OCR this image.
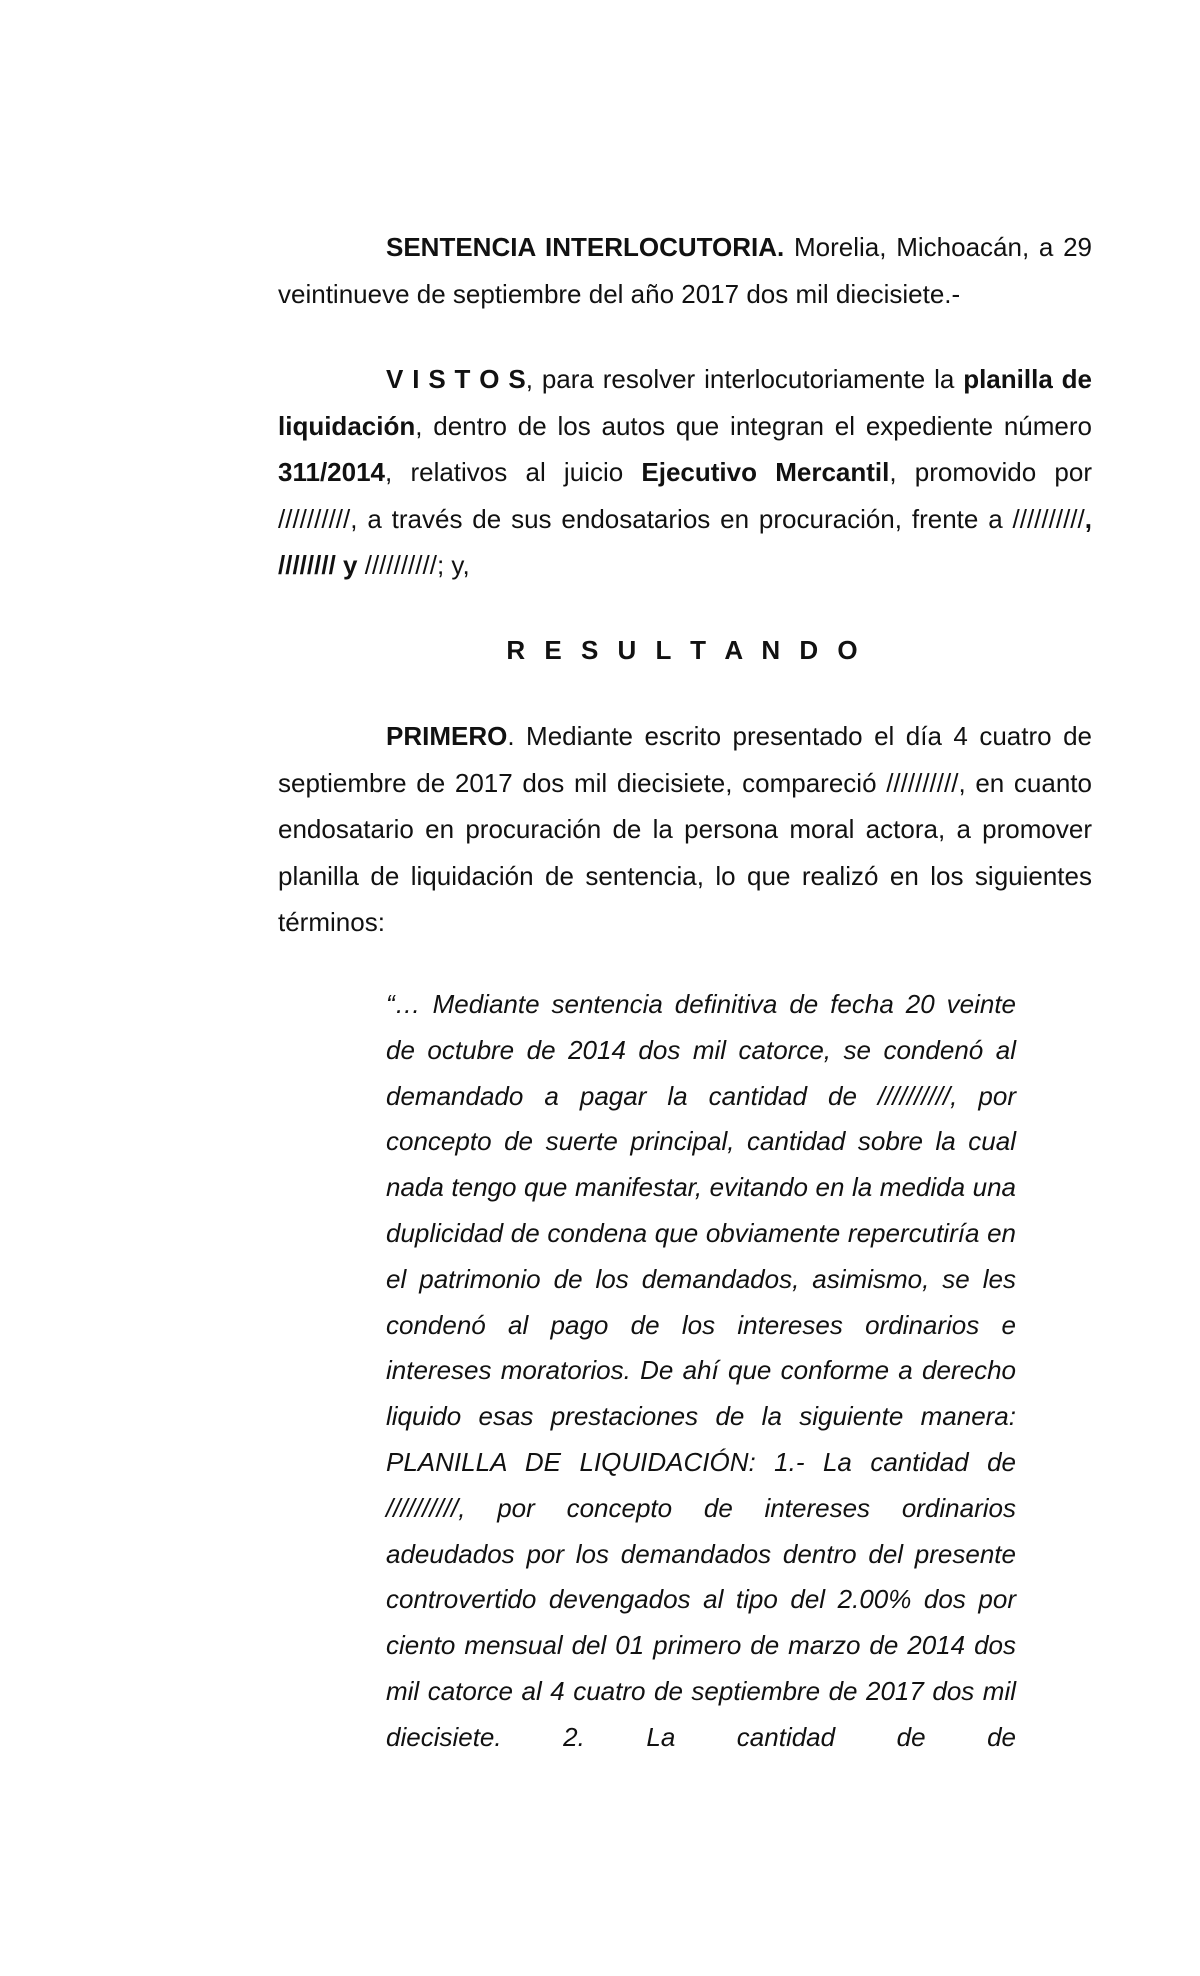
SENTENCIA INTERLOCUTORIA. Morelia, Michoacán, a 29 veintinueve de septiembre del año 2017 dos mil diecisiete.-

V I S T O S, para resolver interlocutoriamente la planilla de liquidación, dentro de los autos que integran el expediente número 311/2014, relativos al juicio Ejecutivo Mercantil, promovido por //////////, a través de sus endosatarios en procuración, frente a //////////, //////// y //////////; y,

R E S U L T A N D O

PRIMERO. Mediante escrito presentado el día 4 cuatro de septiembre de 2017 dos mil diecisiete, compareció //////////, en cuanto endosatario en procuración de la persona moral actora, a promover planilla de liquidación de sentencia, lo que realizó en los siguientes términos:

“… Mediante sentencia definitiva de fecha 20 veinte de octubre de 2014 dos mil catorce, se condenó al demandado a pagar la cantidad de //////////, por concepto de suerte principal, cantidad sobre la cual nada tengo que manifestar, evitando en la medida una duplicidad de condena que obviamente repercutiría en el patrimonio de los demandados, asimismo, se les condenó al pago de los intereses ordinarios e intereses moratorios. De ahí que conforme a derecho liquido esas prestaciones de la siguiente manera: PLANILLA DE LIQUIDACIÓN: 1.- La cantidad de //////////, por concepto de intereses ordinarios adeudados por los demandados dentro del presente controvertido devengados al tipo del 2.00% dos por ciento mensual del 01 primero de marzo de 2014 dos mil catorce al 4 cuatro de septiembre de 2017 dos mil diecisiete. 2. La cantidad de de
